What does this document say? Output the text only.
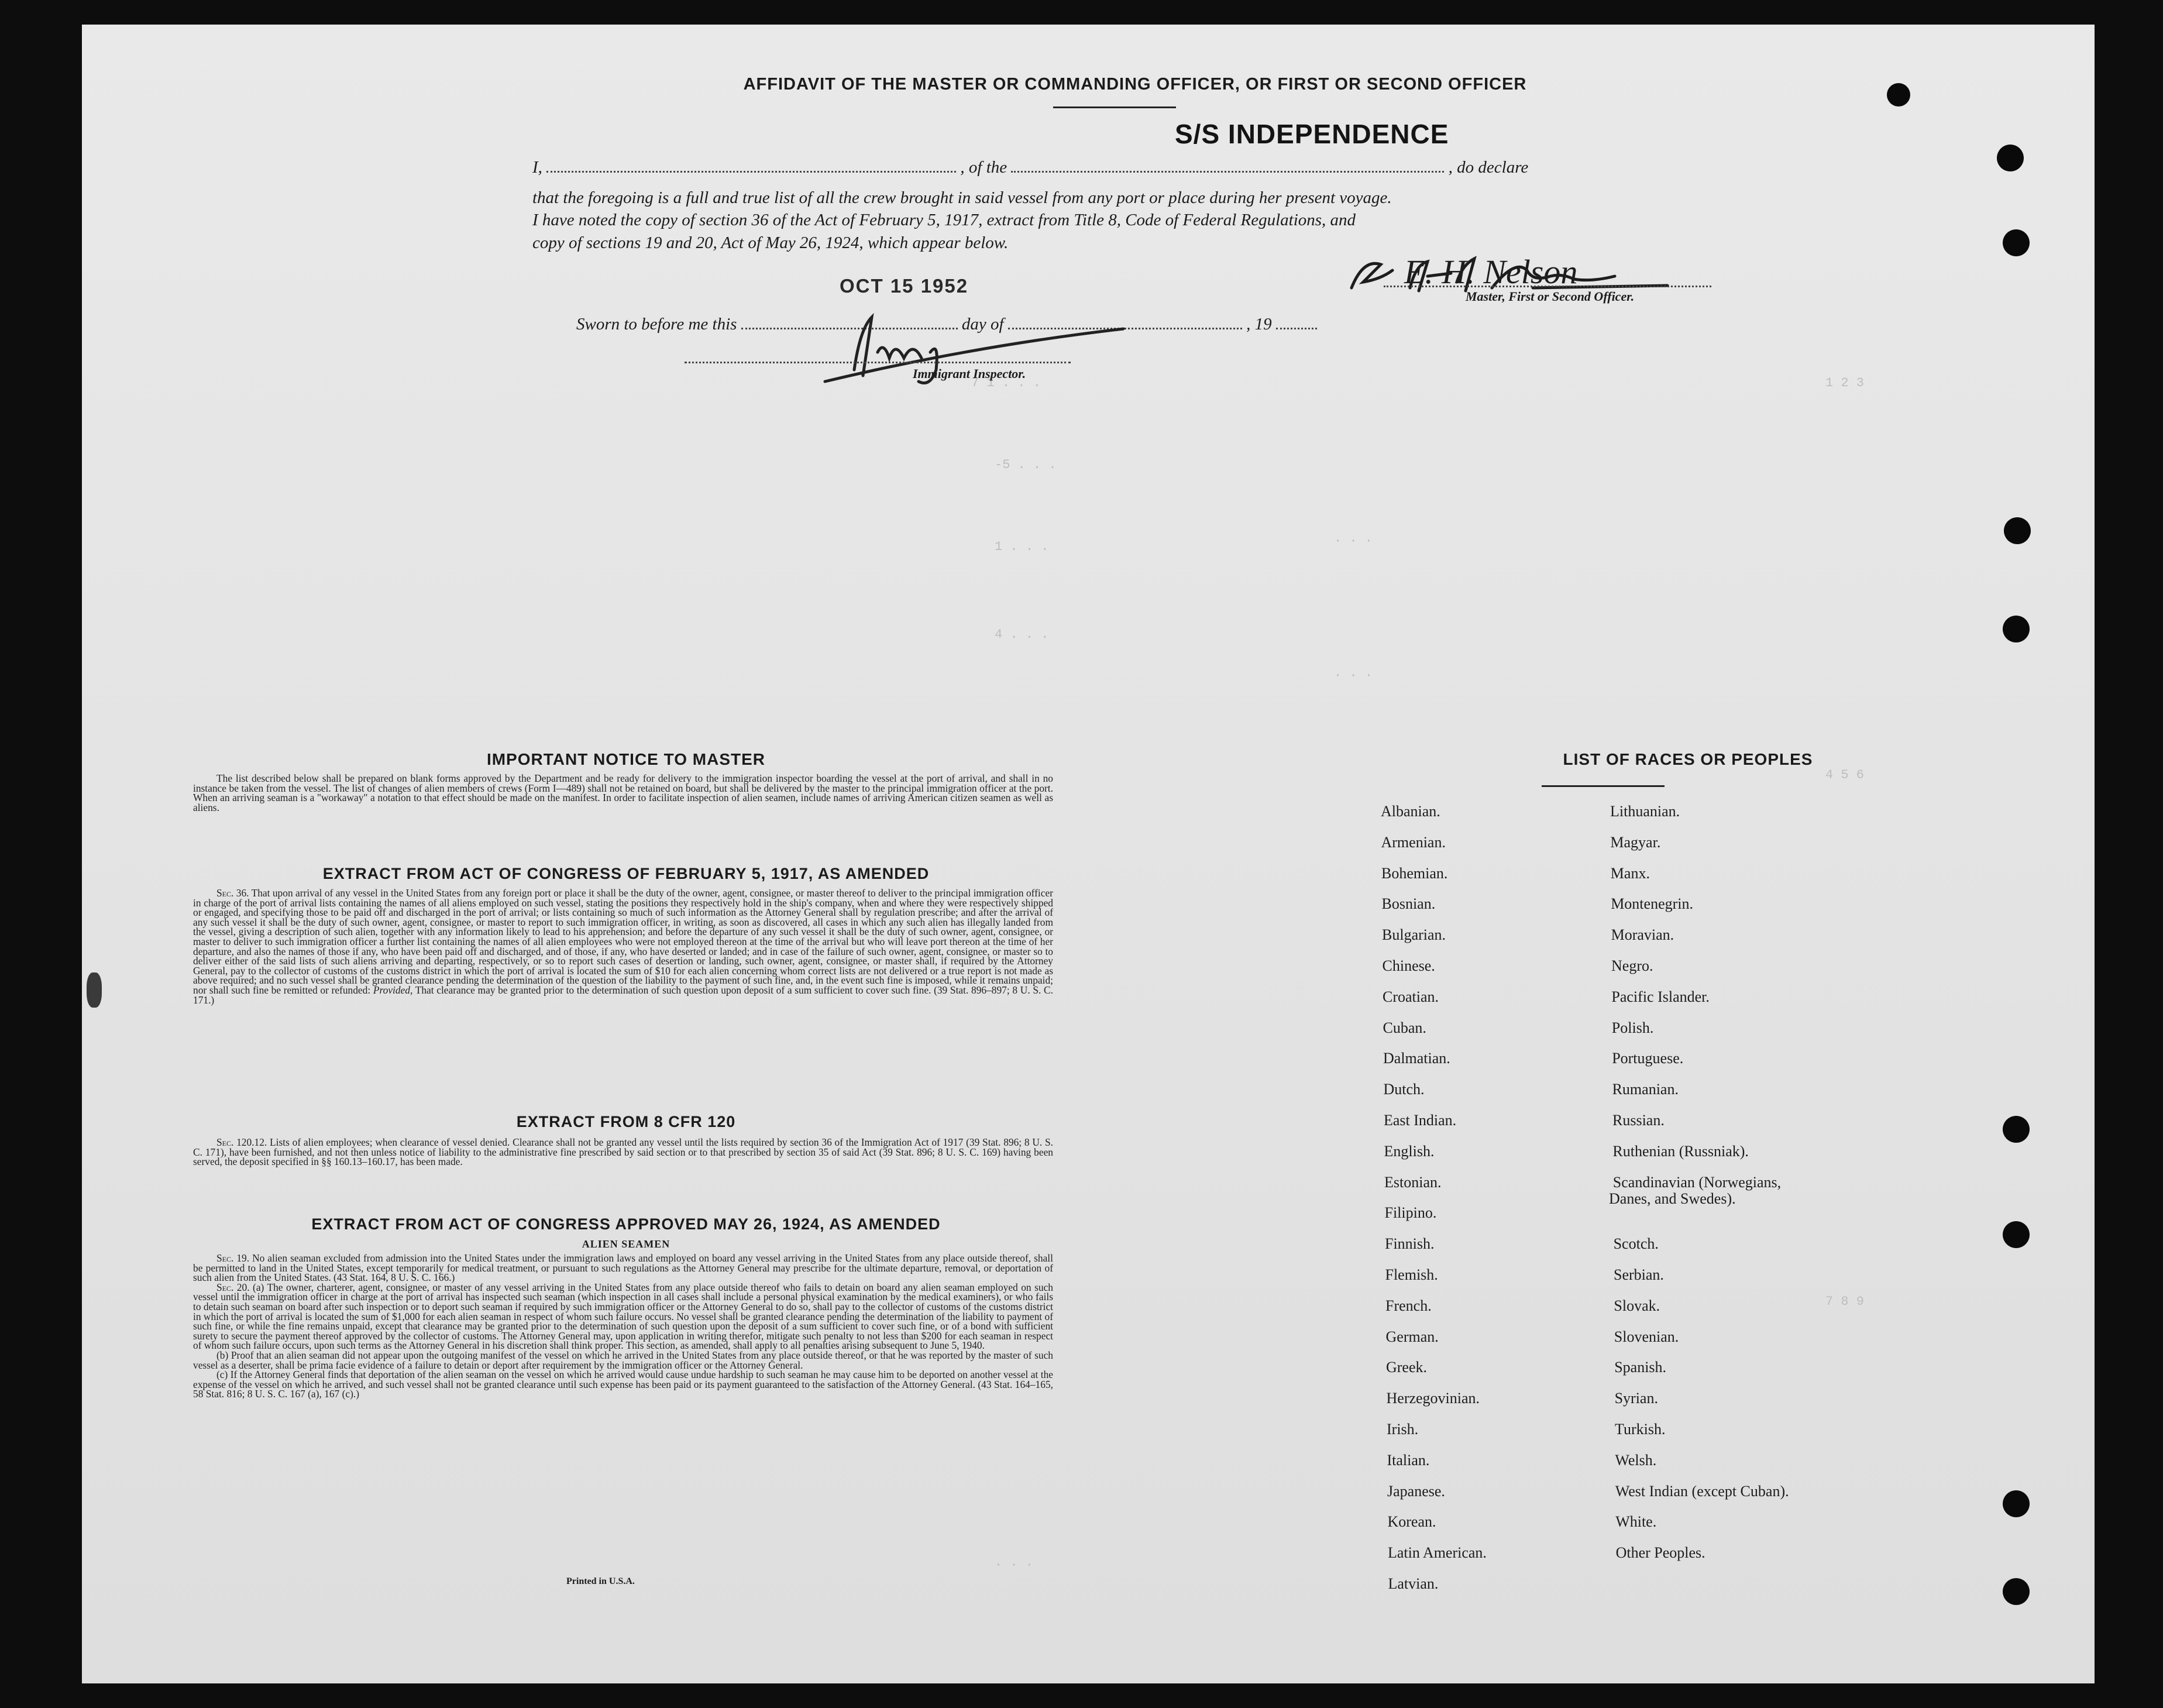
7 1 . . .
-5 . . .
1 . . .
4 . . .
· · ·
· · ·
1 2 3
4 5 6
7 8 9
· · ·
AFFIDAVIT OF THE MASTER OR COMMANDING OFFICER, OR FIRST OR SECOND OFFICER
I,	, of the	, do declare
S/S INDEPENDENCE
that the foregoing is a full and true list of all the crew brought in said vessel from any port or place during her present voyage.
I have noted the copy of section 36 of the Act of February 5, 1917, extract from Title 8, Code of Federal Regulations, and
copy of sections 19 and 20, Act of May 26, 1924, which appear below.
E. H. Nelson
Master, First or Second Officer.
Sworn to before me this	day of	, 19
OCT 15 1952
Immigrant Inspector.
IMPORTANT NOTICE TO MASTER
The list described below shall be prepared on blank forms approved by the Department and be ready for delivery to the immigration inspector boarding the vessel at the port of arrival, and shall in no instance be taken from the vessel. The list of changes of alien members of crews (Form I—489) shall not be retained on board, but shall be delivered by the master to the principal immigration officer at the port. When an arriving seaman is a "workaway" a notation to that effect should be made on the manifest. In order to facilitate inspection of alien seamen, include names of arriving American citizen seamen as well as aliens.
EXTRACT FROM ACT OF CONGRESS OF FEBRUARY 5, 1917, AS AMENDED
Sec. 36. That upon arrival of any vessel in the United States from any foreign port or place it shall be the duty of the owner, agent, consignee, or master thereof to deliver to the principal immigration officer in charge of the port of arrival lists containing the names of all aliens employed on such vessel, stating the positions they respectively hold in the ship's company, when and where they were respectively shipped or engaged, and specifying those to be paid off and discharged in the port of arrival; or lists containing so much of such information as the Attorney General shall by regulation prescribe; and after the arrival of any such vessel it shall be the duty of such owner, agent, consignee, or master to report to such immigration officer, in writing, as soon as discovered, all cases in which any such alien has illegally landed from the vessel, giving a description of such alien, together with any information likely to lead to his apprehension; and before the departure of any such vessel it shall be the duty of such owner, agent, consignee, or master to deliver to such immigration officer a further list containing the names of all alien employees who were not employed thereon at the time of the arrival but who will leave port thereon at the time of her departure, and also the names of those if any, who have been paid off and discharged, and of those, if any, who have deserted or landed; and in case of the failure of such owner, agent, consignee, or master so to deliver either of the said lists of such aliens arriving and departing, respectively, or so to report such cases of desertion or landing, such owner, agent, consignee, or master shall, if required by the Attorney General, pay to the collector of customs of the customs district in which the port of arrival is located the sum of $10 for each alien concerning whom correct lists are not delivered or a true report is not made as above required; and no such vessel shall be granted clearance pending the determination of the question of the liability to the payment of such fine, and, in the event such fine is imposed, while it remains unpaid; nor shall such fine be remitted or refunded: Provided, That clearance may be granted prior to the determination of such question upon deposit of a sum sufficient to cover such fine. (39 Stat. 896–897; 8 U. S. C. 171.)
EXTRACT FROM 8 CFR 120
Sec. 120.12. Lists of alien employees; when clearance of vessel denied. Clearance shall not be granted any vessel until the lists required by section 36 of the Immigration Act of 1917 (39 Stat. 896; 8 U. S. C. 171), have been furnished, and not then unless notice of liability to the administrative fine prescribed by said section or to that prescribed by section 35 of said Act (39 Stat. 896; 8 U. S. C. 169) having been served, the deposit specified in §§ 160.13–160.17, has been made.
EXTRACT FROM ACT OF CONGRESS APPROVED MAY 26, 1924, AS AMENDED
ALIEN SEAMEN

Sec. 19. No alien seaman excluded from admission into the United States under the immigration laws and employed on board any vessel arriving in the United States from any place outside thereof, shall be permitted to land in the United States, except temporarily for medical treatment, or pursuant to such regulations as the Attorney General may prescribe for the ultimate departure, removal, or deportation of such alien from the United States. (43 Stat. 164, 8 U. S. C. 166.)

Sec. 20. (a) The owner, charterer, agent, consignee, or master of any vessel arriving in the United States from any place outside thereof who fails to detain on board any alien seaman employed on such vessel until the immigration officer in charge at the port of arrival has inspected such seaman (which inspection in all cases shall include a personal physical examination by the medical examiners), or who fails to detain such seaman on board after such inspection or to deport such seaman if required by such immigration officer or the Attorney General to do so, shall pay to the collector of customs of the customs district in which the port of arrival is located the sum of $1,000 for each alien seaman in respect of whom such failure occurs. No vessel shall be granted clearance pending the determination of the liability to payment of such fine, or while the fine remains unpaid, except that clearance may be granted prior to the determination of such question upon the deposit of a sum sufficient to cover such fine, or of a bond with sufficient surety to secure the payment thereof approved by the collector of customs. The Attorney General may, upon application in writing therefor, mitigate such penalty to not less than $200 for each seaman in respect of whom such failure occurs, upon such terms as the Attorney General in his discretion shall think proper. This section, as amended, shall apply to all penalties arising subsequent to June 5, 1940.

(b) Proof that an alien seaman did not appear upon the outgoing manifest of the vessel on which he arrived in the United States from any place outside thereof, or that he was reported by the master of such vessel as a deserter, shall be prima facie evidence of a failure to detain or deport after requirement by the immigration officer or the Attorney General.

(c) If the Attorney General finds that deportation of the alien seaman on the vessel on which he arrived would cause undue hardship to such seaman he may cause him to be deported on another vessel at the expense of the vessel on which he arrived, and such vessel shall not be granted clearance until such expense has been paid or its payment guaranteed to the satisfaction of the Attorney General. (43 Stat. 164–165, 58 Stat. 816; 8 U. S. C. 167 (a), 167 (c).)

Printed in U.S.A.
LIST OF RACES OR PEOPLES
Albanian.
Armenian.
Bohemian.
Bosnian.
Bulgarian.
Chinese.
Croatian.
Cuban.
Dalmatian.
Dutch.
East Indian.
English.
Estonian.
Filipino.
Finnish.
Flemish.
French.
German.
Greek.
Herzegovinian.
Irish.
Italian.
Japanese.
Korean.
Latin American.
Latvian.
Lithuanian.
Magyar.
Manx.
Montenegrin.
Moravian.
Negro.
Pacific Islander.
Polish.
Portuguese.
Rumanian.
Russian.
Ruthenian (Russniak).
Scandinavian (Norwegians,
Danes, and Swedes).
Scotch.
Serbian.
Slovak.
Slovenian.
Spanish.
Syrian.
Turkish.
Welsh.
West Indian (except Cuban).
White.
Other Peoples.
